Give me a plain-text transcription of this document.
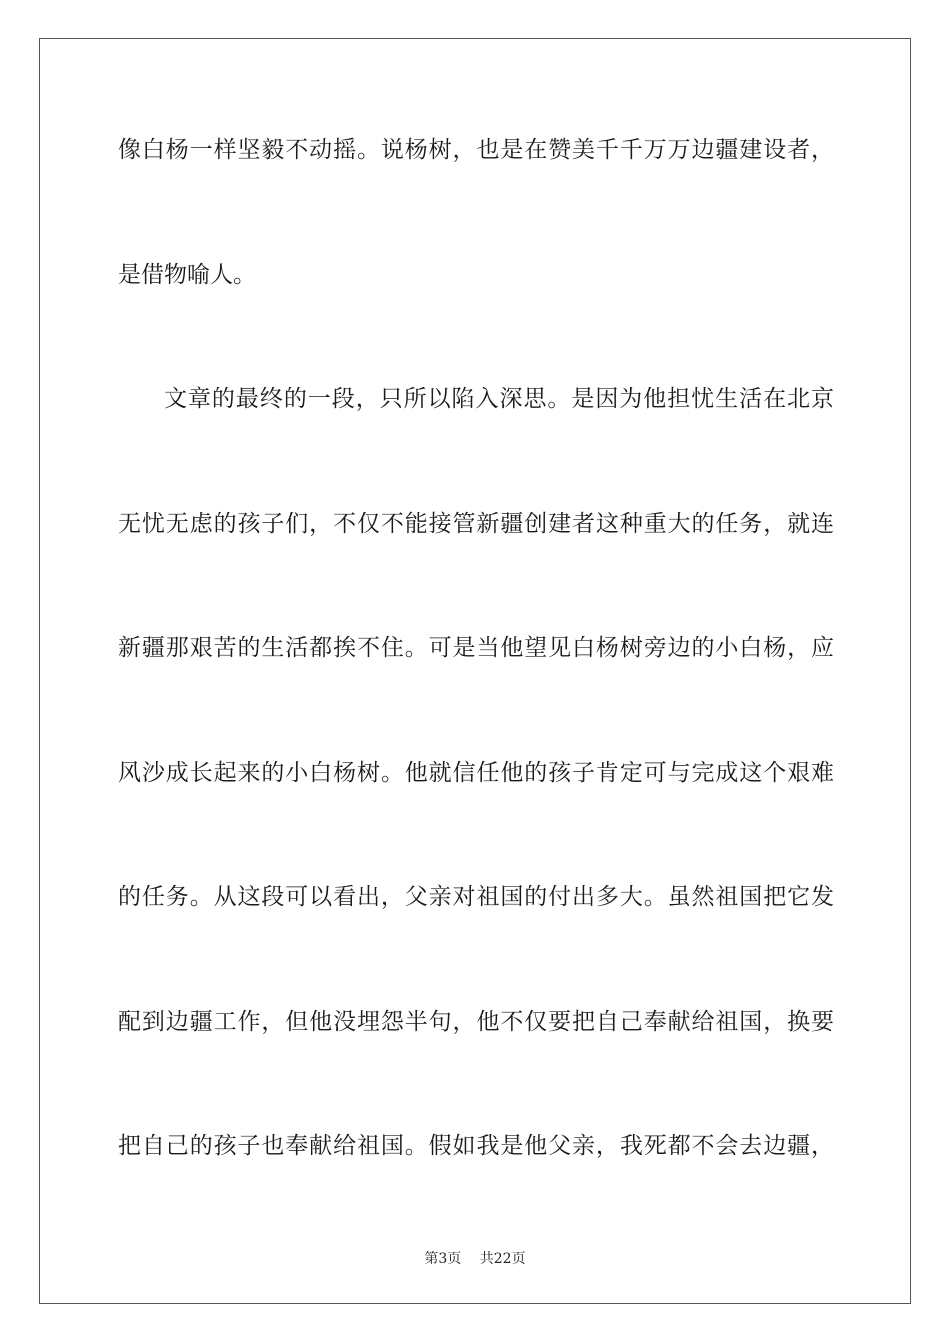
像白杨一样坚毅不动摇。说杨树，也是在赞美千千万万边疆建设者，
是借物喻人。
文章的最终的一段，只所以陷入深思。是因为他担忧生活在北京
无忧无虑的孩子们，不仅不能接管新疆创建者这种重大的任务，就连
新疆那艰苦的生活都挨不住。可是当他望见白杨树旁边的小白杨，应
风沙成长起来的小白杨树。他就信任他的孩子肯定可与完成这个艰难
的任务。从这段可以看出，父亲对祖国的付出多大。虽然祖国把它发
配到边疆工作，但他没埋怨半句，他不仅要把自己奉献给祖国，换要
把自己的孩子也奉献给祖国。假如我是他父亲，我死都不会去边疆，
第3页 共22页
